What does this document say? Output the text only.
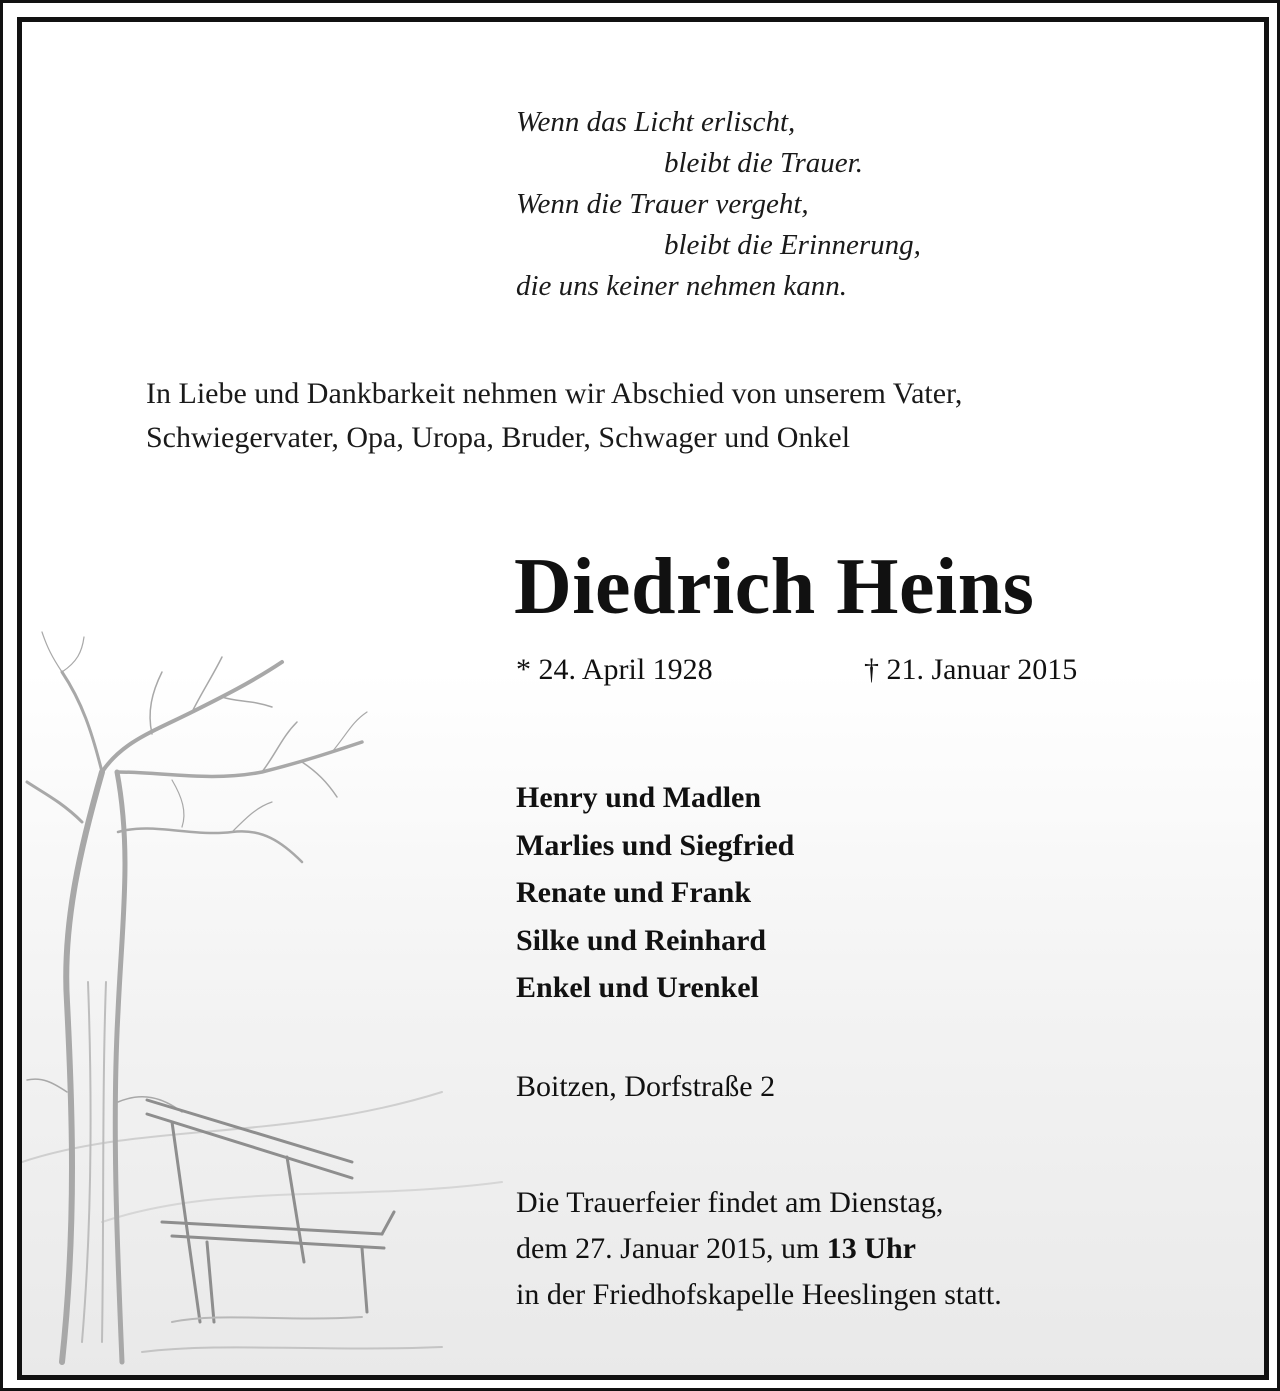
Wenn das Licht erlischt,
bleibt die Trauer.
Wenn die Trauer vergeht,
bleibt die Erinnerung,
die uns keiner nehmen kann.
In Liebe und Dankbarkeit nehmen wir Abschied von unserem Vater,
Schwiegervater, Opa, Uropa, Bruder, Schwager und Onkel
Diedrich Heins
* 24. April 1928	† 21. Januar 2015
Henry und Madlen
Marlies und Siegfried
Renate und Frank
Silke und Reinhard
Enkel und Urenkel
Boitzen, Dorfstraße 2
Die Trauerfeier findet am Dienstag,
dem 27. Januar 2015, um 13 Uhr
in der Friedhofskapelle Heeslingen statt.
